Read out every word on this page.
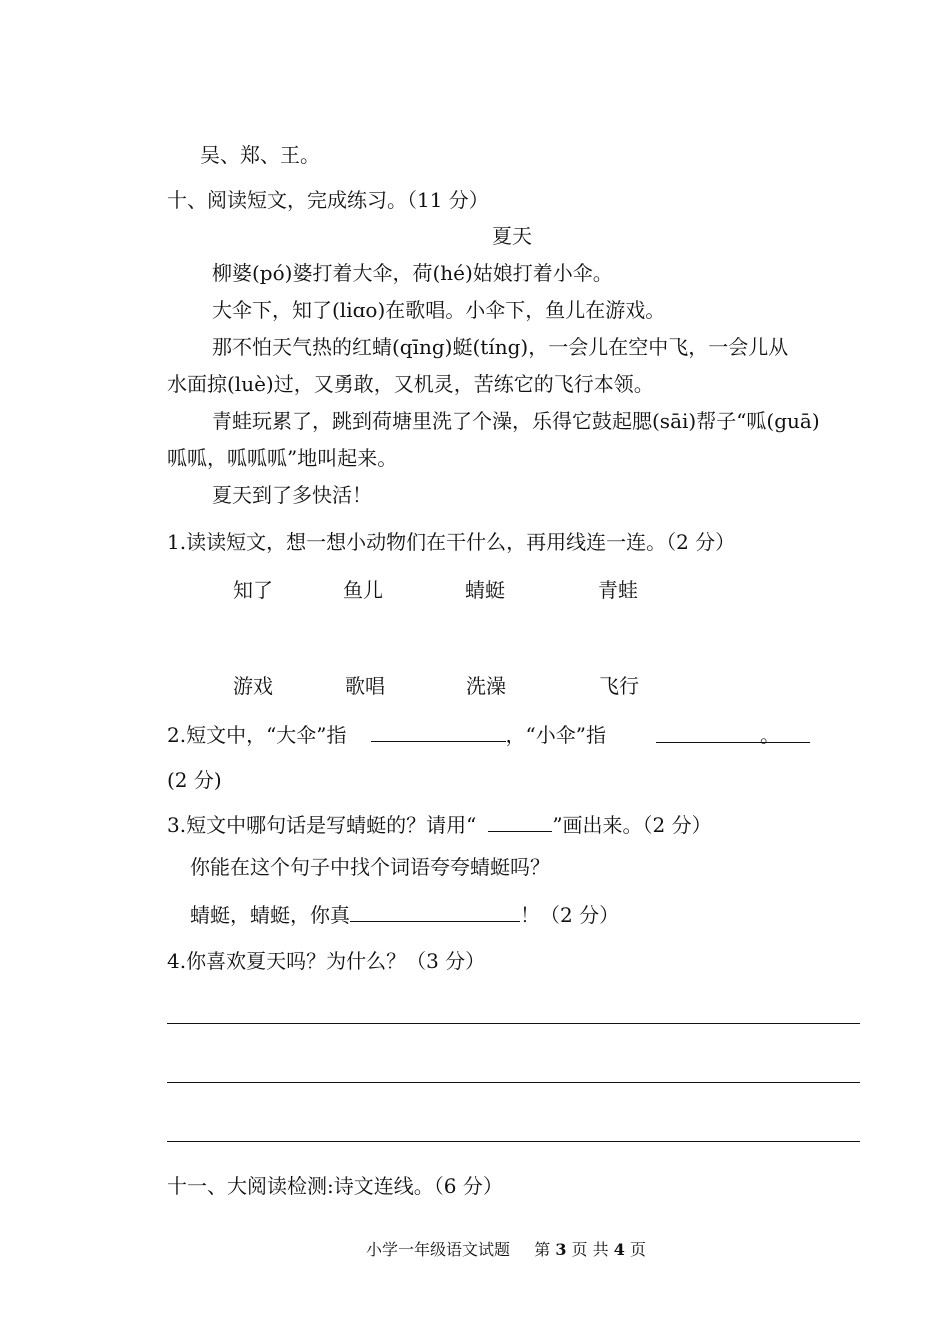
吴、郑、王。
十、阅读短文，完成练习。（11 分）
夏天
柳婆(pó)婆打着大伞，荷(hé)姑娘打着小伞。
大伞下，知了(liɑo)在歌唱。小伞下，鱼儿在游戏。
那不怕天气热的红蜻(qīng)蜓(tíng)，一会儿在空中飞，一会儿从
水面掠(luè)过，又勇敢，又机灵，苦练它的飞行本领。
青蛙玩累了，跳到荷塘里洗了个澡，乐得它鼓起腮(sāi)帮子“呱(guā)
呱呱，呱呱呱”地叫起来。
夏天到了多快活！
1.读读短文，想一想小动物们在干什么，再用线连一连。（2 分）
知了	鱼儿	蜻蜓	青蛙
游戏	歌唱	洗澡	飞行
2.短文中，“大伞”指	，“小伞”指	。
(2 分)
3.短文中哪句话是写蜻蜓的？请用“	”画出来。（2 分）
你能在这个句子中找个词语夸夸蜻蜓吗？
蜻蜓，蜻蜓，你真	！（2 分）
4.你喜欢夏天吗？为什么？（3 分）
十一、大阅读检测:诗文连线。（6 分）
小学一年级语文试题 第 3 页 共 4 页
